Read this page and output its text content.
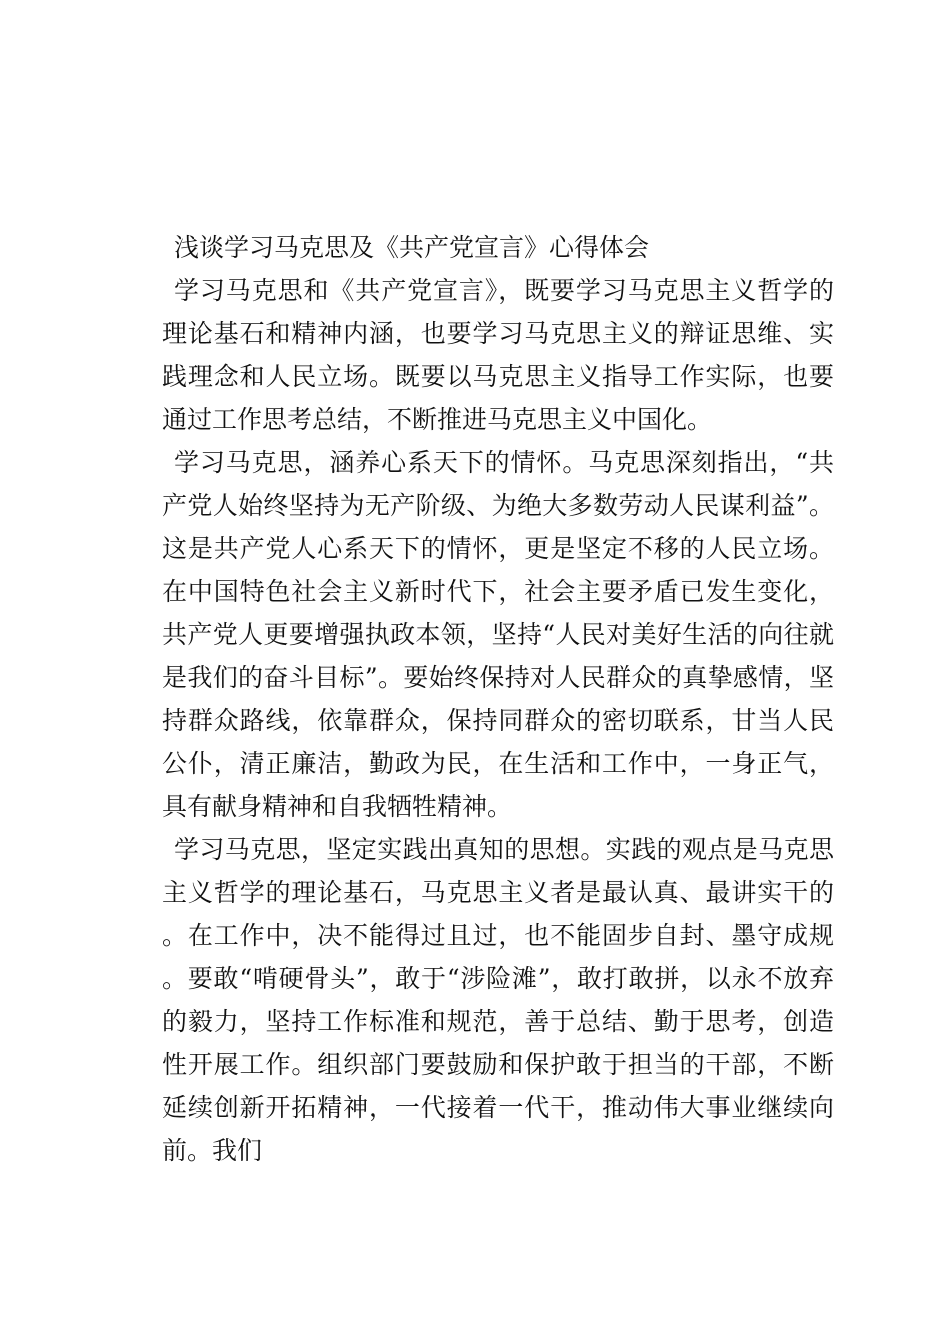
浅谈学习马克思及《共产党宣言》心得体会

学习马克思和《共产党宣言》，既要学习马克思主义哲学的理论基石和精神内涵，也要学习马克思主义的辩证思维、实践理念和人民立场。既要以马克思主义指导工作实际，也要通过工作思考总结，不断推进马克思主义中国化。

学习马克思，涵养心系天下的情怀。马克思深刻指出，“共产党人始终坚持为无产阶级、为绝大多数劳动人民谋利益”。这是共产党人心系天下的情怀，更是坚定不移的人民立场。在中国特色社会主义新时代下，社会主要矛盾已发生变化，共产党人更要增强执政本领，坚持“人民对美好生活的向往就是我们的奋斗目标”。要始终保持对人民群众的真挚感情，坚持群众路线，依靠群众，保持同群众的密切联系，甘当人民公仆，清正廉洁，勤政为民，在生活和工作中，一身正气，具有献身精神和自我牺牲精神。

学习马克思，坚定实践出真知的思想。实践的观点是马克思主义哲学的理论基石，马克思主义者是最认真、最讲实干的。在工作中，决不能得过且过，也不能固步自封、墨守成规。要敢“啃硬骨头”，敢于“涉险滩”，敢打敢拼，以永不放弃的毅力，坚持工作标准和规范，善于总结、勤于思考，创造性开展工作。组织部门要鼓励和保护敢于担当的干部，不断延续创新开拓精神，一代接着一代干，推动伟大事业继续向前。我们
